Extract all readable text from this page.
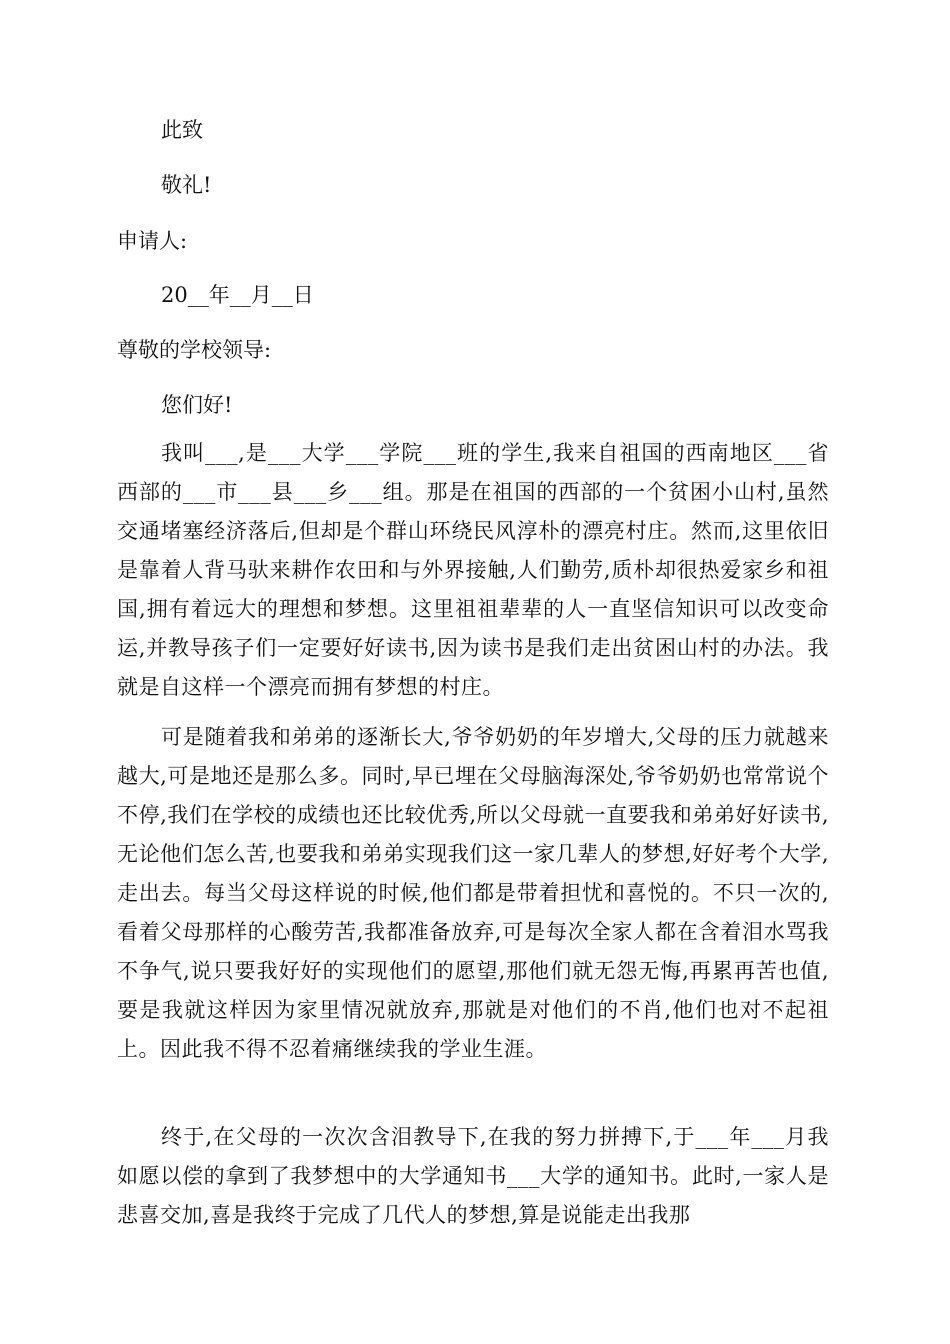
此致
敬礼!
申请人:
20__年__月__日
尊敬的学校领导:
您们好!
我叫___,是___大学___学院___班的学生,我来自祖国的西南地区___省西部的___市___县___乡___组。那是在祖国的西部的一个贫困小山村,虽然交通堵塞经济落后,但却是个群山环绕民风淳朴的漂亮村庄。然而,这里依旧是靠着人背马驮来耕作农田和与外界接触,人们勤劳,质朴却很热爱家乡和祖国,拥有着远大的理想和梦想。这里祖祖辈辈的人一直坚信知识可以改变命运,并教导孩子们一定要好好读书,因为读书是我们走出贫困山村的办法。我就是自这样一个漂亮而拥有梦想的村庄。
可是随着我和弟弟的逐渐长大,爷爷奶奶的年岁增大,父母的压力就越来越大,可是地还是那么多。同时,早已埋在父母脑海深处,爷爷奶奶也常常说个不停,我们在学校的成绩也还比较优秀,所以父母就一直要我和弟弟好好读书,无论他们怎么苦,也要我和弟弟实现我们这一家几辈人的梦想,好好考个大学,走出去。每当父母这样说的时候,他们都是带着担忧和喜悦的。不只一次的,看着父母那样的心酸劳苦,我都准备放弃,可是每次全家人都在含着泪水骂我不争气,说只要我好好的实现他们的愿望,那他们就无怨无悔,再累再苦也值,要是我就这样因为家里情况就放弃,那就是对他们的不肖,他们也对不起祖上。因此我不得不忍着痛继续我的学业生涯。
终于,在父母的一次次含泪教导下,在我的努力拼搏下,于___年___月我如愿以偿的拿到了我梦想中的大学通知书___大学的通知书。此时,一家人是悲喜交加,喜是我终于完成了几代人的梦想,算是说能走出我那
